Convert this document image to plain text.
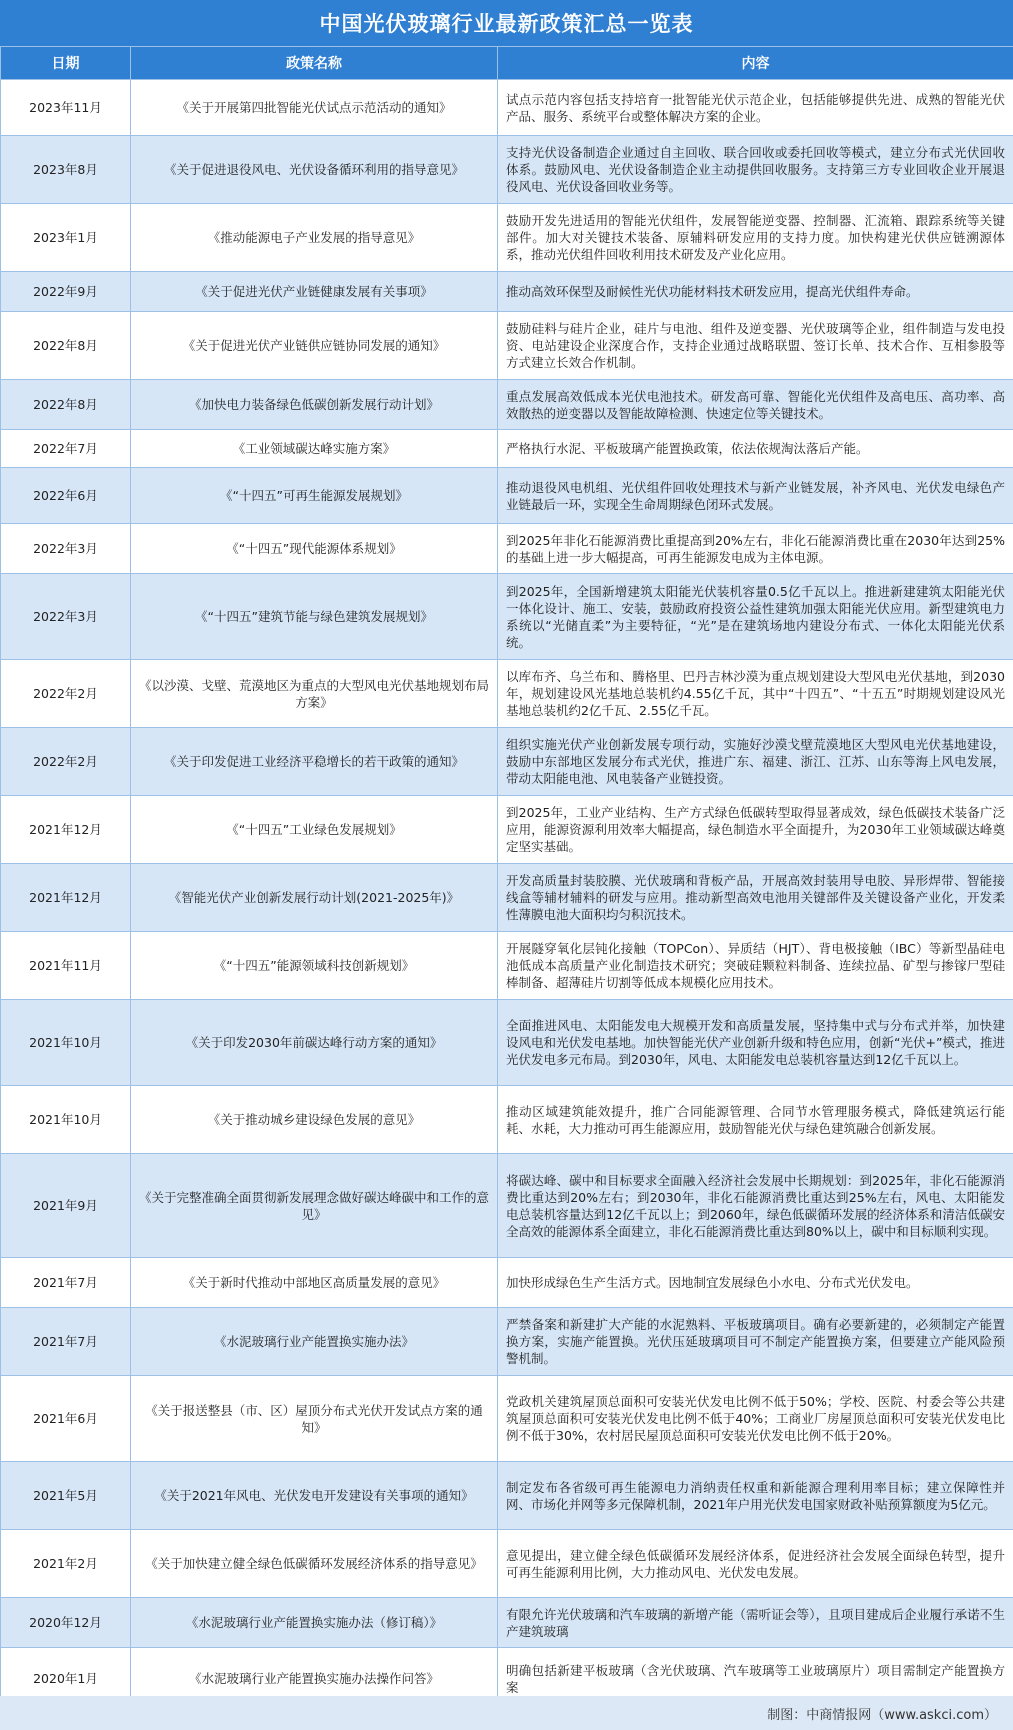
中国光伏玻璃行业最新政策汇总一览表
日期	政策名称	内容
2023年11月	《关于开展第四批智能光伏试点示范活动的通知》	试点示范内容包括支持培育一批智能光伏示范企业，包括能够提供先进、成熟的智能光伏产品、服务、系统平台或整体解决方案的企业。
2023年8月	《关于促进退役风电、光伏设备循环利用的指导意见》	支持光伏设备制造企业通过自主回收、联合回收或委托回收等模式，建立分布式光伏回收体系。鼓励风电、光伏设备制造企业主动提供回收服务。支持第三方专业回收企业开展退役风电、光伏设备回收业务等。
2023年1月	《推动能源电子产业发展的指导意见》	鼓励开发先进适用的智能光伏组件，发展智能逆变器、控制器、汇流箱、跟踪系统等关键部件。加大对关键技术装备、原辅料研发应用的支持力度。加快构建光伏供应链溯源体系，推动光伏组件回收利用技术研发及产业化应用。
2022年9月	《关于促进光伏产业链健康发展有关事项》	推动高效环保型及耐候性光伏功能材料技术研发应用，提高光伏组件寿命。
2022年8月	《关于促进光伏产业链供应链协同发展的通知》	鼓励硅料与硅片企业，硅片与电池、组件及逆变器、光伏玻璃等企业，组件制造与发电投资、电站建设企业深度合作，支持企业通过战略联盟、签订长单、技术合作、互相参股等方式建立长效合作机制。
2022年8月	《加快电力装备绿色低碳创新发展行动计划》	重点发展高效低成本光伏电池技术。研发高可靠、智能化光伏组件及高电压、高功率、高效散热的逆变器以及智能故障检测、快速定位等关键技术。
2022年7月	《工业领域碳达峰实施方案》	严格执行水泥、平板玻璃产能置换政策，依法依规淘汰落后产能。
2022年6月	《“十四五”可再生能源发展规划》	推动退役风电机组、光伏组件回收处理技术与新产业链发展，补齐风电、光伏发电绿色产业链最后一环，实现全生命周期绿色闭环式发展。
2022年3月	《“十四五”现代能源体系规划》	到2025年非化石能源消费比重提高到20%左右，非化石能源消费比重在2030年达到25%的基础上进一步大幅提高，可再生能源发电成为主体电源。
2022年3月	《“十四五”建筑节能与绿色建筑发展规划》	到2025年，全国新增建筑太阳能光伏装机容量0.5亿千瓦以上。推进新建建筑太阳能光伏一体化设计、施工、安装，鼓励政府投资公益性建筑加强太阳能光伏应用。新型建筑电力系统以“光储直柔”为主要特征，“光”是在建筑场地内建设分布式、一体化太阳能光伏系统。
2022年2月	《以沙漠、戈壁、荒漠地区为重点的大型风电光伏基地规划布局方案》	以库布齐、乌兰布和、腾格里、巴丹吉林沙漠为重点规划建设大型风电光伏基地，到2030年，规划建设风光基地总装机约4.55亿千瓦，其中“十四五”、“十五五”时期规划建设风光基地总装机约2亿千瓦、2.55亿千瓦。
2022年2月	《关于印发促进工业经济平稳增长的若干政策的通知》	组织实施光伏产业创新发展专项行动，实施好沙漠戈壁荒漠地区大型风电光伏基地建设，鼓励中东部地区发展分布式光伏，推进广东、福建、浙江、江苏、山东等海上风电发展，带动太阳能电池、风电装备产业链投资。
2021年12月	《“十四五”工业绿色发展规划》	到2025年，工业产业结构、生产方式绿色低碳转型取得显著成效，绿色低碳技术装备广泛应用，能源资源利用效率大幅提高，绿色制造水平全面提升，为2030年工业领域碳达峰奠定坚实基础。
2021年12月	《智能光伏产业创新发展行动计划(2021-2025年)》	开发高质量封装胶膜、光伏玻璃和背板产品，开展高效封装用导电胶、异形焊带、智能接线盒等辅材辅料的研发与应用。推动新型高效电池用关键部件及关键设备产业化，开发柔性薄膜电池大面积均匀积沉技术。
2021年11月	《“十四五”能源领域科技创新规划》	开展隧穿氧化层钝化接触（TOPCon）、异质结（HJT）、背电极接触（IBC）等新型晶硅电池低成本高质量产业化制造技术研究；突破硅颗粒料制备、连续拉晶、矿型与掺镓尸型硅棒制备、超薄硅片切割等低成本规模化应用技术。
2021年10月	《关于印发2030年前碳达峰行动方案的通知》	全面推进风电、太阳能发电大规模开发和高质量发展，坚持集中式与分布式并举，加快建设风电和光伏发电基地。加快智能光伏产业创新升级和特色应用，创新“光伏+”模式，推进光伏发电多元布局。到2030年，风电、太阳能发电总装机容量达到12亿千瓦以上。
2021年10月	《关于推动城乡建设绿色发展的意见》	推动区域建筑能效提升，推广合同能源管理、合同节水管理服务模式，降低建筑运行能耗、水耗，大力推动可再生能源应用，鼓励智能光伏与绿色建筑融合创新发展。
2021年9月	《关于完整准确全面贯彻新发展理念做好碳达峰碳中和工作的意见》	将碳达峰、碳中和目标要求全面融入经济社会发展中长期规划：到2025年，非化石能源消费比重达到20%左右；到2030年，非化石能源消费比重达到25%左右，风电、太阳能发电总装机容量达到12亿千瓦以上；到2060年，绿色低碳循环发展的经济体系和清洁低碳安全高效的能源体系全面建立，非化石能源消费比重达到80%以上，碳中和目标顺利实现。
2021年7月	《关于新时代推动中部地区高质量发展的意见》	加快形成绿色生产生活方式。因地制宜发展绿色小水电、分布式光伏发电。
2021年7月	《水泥玻璃行业产能置换实施办法》	严禁备案和新建扩大产能的水泥熟料、平板玻璃项目。确有必要新建的，必须制定产能置换方案，实施产能置换。光伏压延玻璃项目可不制定产能置换方案，但要建立产能风险预警机制。
2021年6月	《关于报送整县（市、区）屋顶分布式光伏开发试点方案的通知》	党政机关建筑屋顶总面积可安装光伏发电比例不低于50%；学校、医院、村委会等公共建筑屋顶总面积可安装光伏发电比例不低于40%；工商业厂房屋顶总面积可安装光伏发电比例不低于30%，农村居民屋顶总面积可安装光伏发电比例不低于20%。
2021年5月	《关于2021年风电、光伏发电开发建设有关事项的通知》	制定发布各省级可再生能源电力消纳责任权重和新能源合理利用率目标；建立保障性并网、市场化并网等多元保障机制，2021年户用光伏发电国家财政补贴预算额度为5亿元。
2021年2月	《关于加快建立健全绿色低碳循环发展经济体系的指导意见》	意见提出，建立健全绿色低碳循环发展经济体系，促进经济社会发展全面绿色转型，提升可再生能源利用比例，大力推动风电、光伏发电发展。
2020年12月	《水泥玻璃行业产能置换实施办法（修订稿）》	有限允许光伏玻璃和汽车玻璃的新增产能（需听证会等），且项目建成后企业履行承诺不生产建筑玻璃
2020年1月	《水泥玻璃行业产能置换实施办法操作问答》	明确包括新建平板玻璃（含光伏玻璃、汽车玻璃等工业玻璃原片）项目需制定产能置换方案
制图：中商情报网（www.askci.com）
